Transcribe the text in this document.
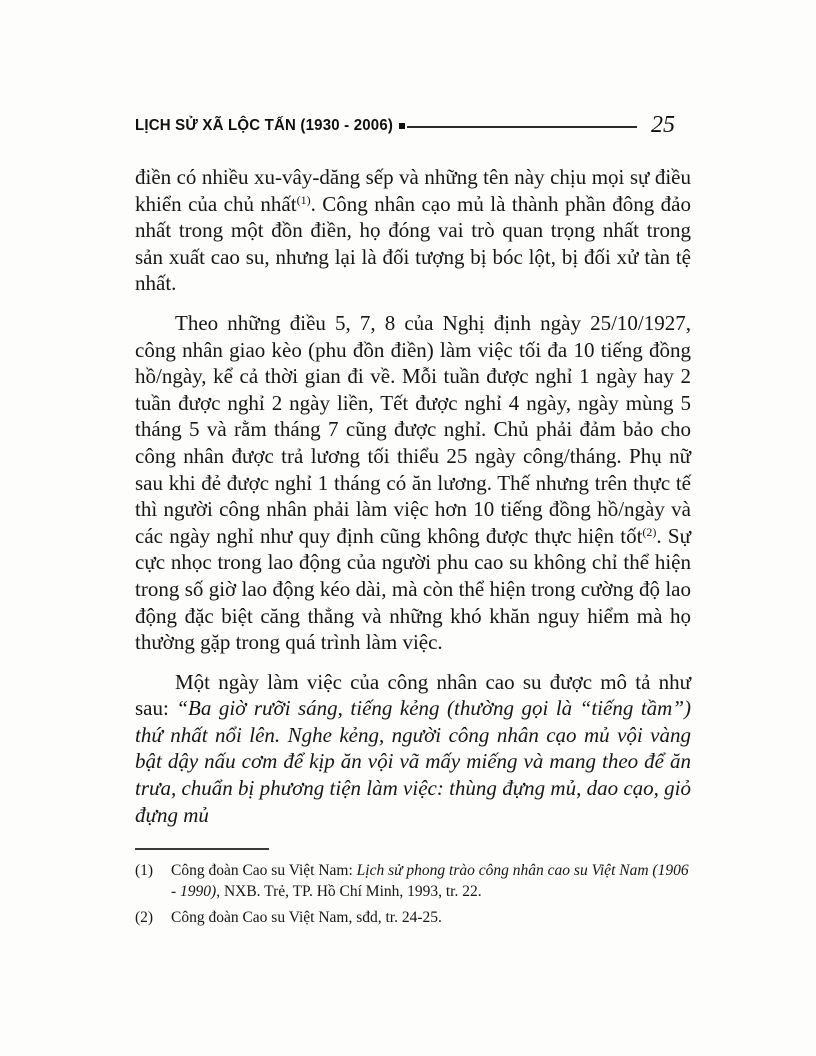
LỊCH SỬ XÃ LỘC TẤN (1930 - 2006)	25

điền có nhiều xu-vây-dăng sếp và những tên này chịu mọi sự điều khiển của chủ nhất$^{(1)}$. Công nhân cạo mủ là thành phần đông đảo nhất trong một đồn điền, họ đóng vai trò quan trọng nhất trong sản xuất cao su, nhưng lại là đối tượng bị bóc lột, bị đối xử tàn tệ nhất.

Theo những điều 5, 7, 8 của Nghị định ngày 25/10/1927, công nhân giao kèo (phu đồn điền) làm việc tối đa 10 tiếng đồng hồ/ngày, kể cả thời gian đi về. Mỗi tuần được nghỉ 1 ngày hay 2 tuần được nghỉ 2 ngày liền, Tết được nghỉ 4 ngày, ngày mùng 5 tháng 5 và rằm tháng 7 cũng được nghỉ. Chủ phải đảm bảo cho công nhân được trả lương tối thiểu 25 ngày công/tháng. Phụ nữ sau khi đẻ được nghỉ 1 tháng có ăn lương. Thế nhưng trên thực tế thì người công nhân phải làm việc hơn 10 tiếng đồng hồ/ngày và các ngày nghỉ như quy định cũng không được thực hiện tốt$^{(2)}$. Sự cực nhọc trong lao động của người phu cao su không chỉ thể hiện trong số giờ lao động kéo dài, mà còn thể hiện trong cường độ lao động đặc biệt căng thẳng và những khó khăn nguy hiểm mà họ thường gặp trong quá trình làm việc.

Một ngày làm việc của công nhân cao su được mô tả như sau: “Ba giờ rưỡi sáng, tiếng kẻng (thường gọi là “tiếng tầm”) thứ nhất nổi lên. Nghe kẻng, người công nhân cạo mủ vội vàng bật dậy nấu cơm để kịp ăn vội vã mấy miếng và mang theo để ăn trưa, chuẩn bị phương tiện làm việc: thùng đựng mủ, dao cạo, giỏ đựng mủ

(1)	Công đoàn Cao su Việt Nam: Lịch sử phong trào công nhân cao su Việt Nam (1906 - 1990), NXB. Trẻ, TP. Hồ Chí Minh, 1993, tr. 22.
(2)	Công đoàn Cao su Việt Nam, sđd, tr. 24-25.
